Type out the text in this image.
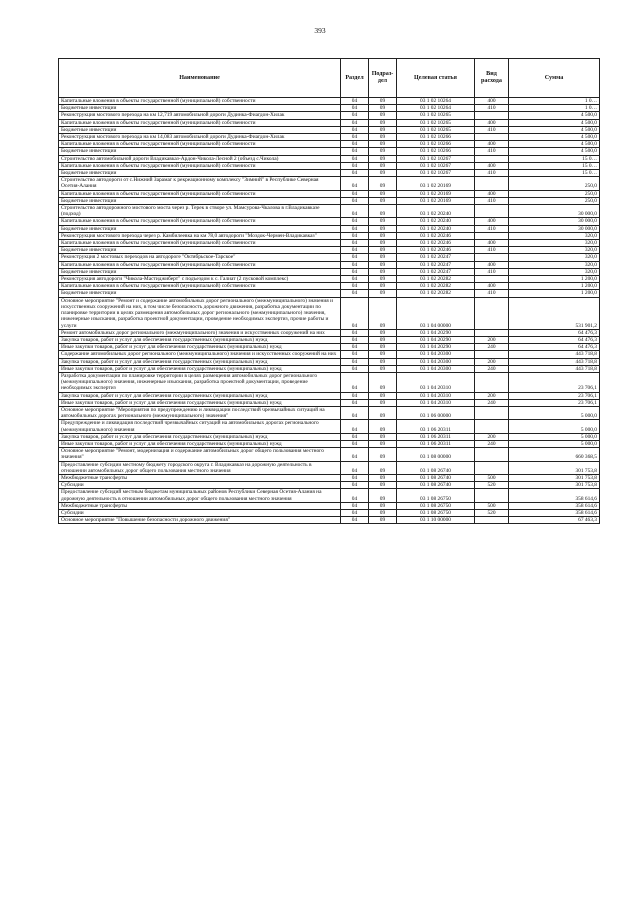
393
Наименование	Раздел	Подраз-дел	Целевая статья	Вид расхода	Сумма
Капитальные вложения в объекты государственной (муниципальной) собственности	04	09	03 1 02 10264	400	1 0…
Бюджетные инвестиции	04	09	03 1 02 10264	410	1 0…
Реконструкция мостового перехода на км 12,719 автомобильной дороги Дудинка-Фиагдон-Хилак	04	09	03 1 02 10265		4 500,0
Капитальные вложения в объекты государственной (муниципальной) собственности	04	09	03 1 02 10265	400	4 500,0
Бюджетные инвестиции	04	09	03 1 02 10265	410	4 500,0
Реконструкция мостового перехода на км 14,083 автомобильной дороги Дудинка-Фиагдон-Хилак	04	09	03 1 02 10266		4 500,0
Капитальные вложения в объекты государственной (муниципальной) собственности	04	09	03 1 02 10266	400	4 500,0
Бюджетные инвестиции	04	09	03 1 02 10266	410	4 500,0
Строительство автомобильной дороги Владикавказ-Ардон-Чикола-Лесной 2 (объезд с.Чикола)	04	09	03 1 02 10267		15 0…
Капитальные вложения в объекты государственной (муниципальной) собственности	04	09	03 1 02 10267	400	15 0…
Бюджетные инвестиции	04	09	03 1 02 10267	410	15 0…
Строительство автодороги от с.Нижний Зарамаг к рекреационному комплексу "Зимний" в Республике Северная Осетия-Алания	04	09	03 1 02 20169		250,0
Капитальные вложения в объекты государственной (муниципальной) собственности	04	09	03 1 02 20169	400	250,0
Бюджетные инвестиции	04	09	03 1 02 20169	410	250,0
Строительство автодорожного мостового моста через р. Терек в створе ул. Мамсурова-Чкалова в г.Владикавказе (подход)	04	09	03 1 02 20240		30 000,0
Капитальные вложения в объекты государственной (муниципальной) собственности	04	09	03 1 02 20240	400	30 000,0
Бюджетные инвестиции	04	09	03 1 02 20240	410	30 000,0
Реконструкция мостового перехода через р. Камбилеевка на км 78,0 автодороги "Моздок-Чермен-Владикавказ"	04	09	03 1 02 20246		320,0
Капитальные вложения в объекты государственной (муниципальной) собственности	04	09	03 1 02 20246	400	320,0
Бюджетные инвестиции	04	09	03 1 02 20246	410	320,0
Реконструкция 2 мостовых переходов на автодороге "Октябрьское-Тарское"	04	09	03 1 02 20247		320,0
Капитальные вложения в объекты государственной (муниципальной) собственности	04	09	03 1 02 20247	400	320,0
Бюджетные инвестиции	04	09	03 1 02 20247	410	320,0
Реконструкция автодороги "Чикола-Мастиджиберт" с подъездом к с. Галиат (2 пусковой комплекс)	04	09	03 1 02 20282		1 200,0
Капитальные вложения в объекты государственной (муниципальной) собственности	04	09	03 1 02 20282	400	1 200,0
Бюджетные инвестиции	04	09	03 1 02 20282	410	1 200,0
Основное мероприятие "Ремонт и содержание автомобильных дорог регионального (межмуниципального) значения и искусственных сооружений на них, в том числе безопасность дорожного движения, разработка документации по планировке территории в целях размещения автомобильных дорог регионального (межмуниципального) значения, инженерные изыскания, разработка проектной документации, проведение необходимых экспертиз, прочие работы и услуги	04	09	03 1 04 00000		531 901,2
Ремонт автомобильных дорог регионального (межмуниципального) значения и искусственных сооружений на них	04	09	03 1 04 20290		64 476,3
Закупка товаров, работ и услуг для обеспечения государственных (муниципальных) нужд	04	09	03 1 04 20290	200	64 476,3
Иные закупки товаров, работ и услуг для обеспечения государственных (муниципальных) нужд	04	09	03 1 04 20290	240	64 476,3
Содержание автомобильных дорог регионального (межмуниципального) значения и искусственных сооружений на них	04	09	03 1 04 20300		443 718,8
Закупка товаров, работ и услуг для обеспечения государственных (муниципальных) нужд	04	09	03 1 04 20300	200	443 718,8
Иные закупки товаров, работ и услуг для обеспечения государственных (муниципальных) нужд	04	09	03 1 04 20300	240	443 718,8
Разработка документации по планировке территории в целях размещения автомобильных дорог регионального (межмуниципального) значения, инженерные изыскания, разработка проектной документации, проведение необходимых экспертиз	04	09	03 1 04 20310		23 706,1
Закупка товаров, работ и услуг для обеспечения государственных (муниципальных) нужд	04	09	03 1 04 20310	200	23 706,1
Иные закупки товаров, работ и услуг для обеспечения государственных (муниципальных) нужд	04	09	03 1 04 20310	240	23 706,1
Основное мероприятие "Мероприятия по предупреждению и ликвидации последствий чрезвычайных ситуаций на автомобильных дорогах регионального (межмуниципального) значения"	04	09	03 1 06 00000		5 000,0
Предупреждение и ликвидация последствий чрезвычайных ситуаций на автомобильных дорогах регионального (межмуниципального) значения	04	09	03 1 06 20311		5 000,0
Закупка товаров, работ и услуг для обеспечения государственных (муниципальных) нужд	04	09	03 1 06 20311	200	5 000,0
Иные закупки товаров, работ и услуг для обеспечения государственных (муниципальных) нужд	04	09	03 1 06 20311	240	5 000,0
Основное мероприятие "Ремонт, модернизация и содержание автомобильных дорог общего пользования местного значения"	04	09	03 1 08 00000		660 368,5
Предоставление субсидии местному бюджету городского округа г. Владикавказ на дорожную деятельность в отношении автомобильных дорог общего пользования местного значения	04	09	03 1 08 26740		301 753,8
Межбюджетные трансферты	04	09	03 1 08 26740	500	301 753,8
Субсидии	04	09	03 1 08 26740	520	301 753,8
Предоставление субсидий местным бюджетам муниципальных районов Республики Северная Осетия-Алания на дорожную деятельность в отношении автомобильных дорог общего пользования местного значения	04	09	03 1 08 26750		358 614,6
Межбюджетные трансферты	04	09	03 1 08 26750	500	358 614,6
Субсидии	04	09	03 1 08 26750	520	358 614,6
Основное мероприятие "Повышение безопасности дорожного движения"	04	09	03 1 10 00000		67 463,3
